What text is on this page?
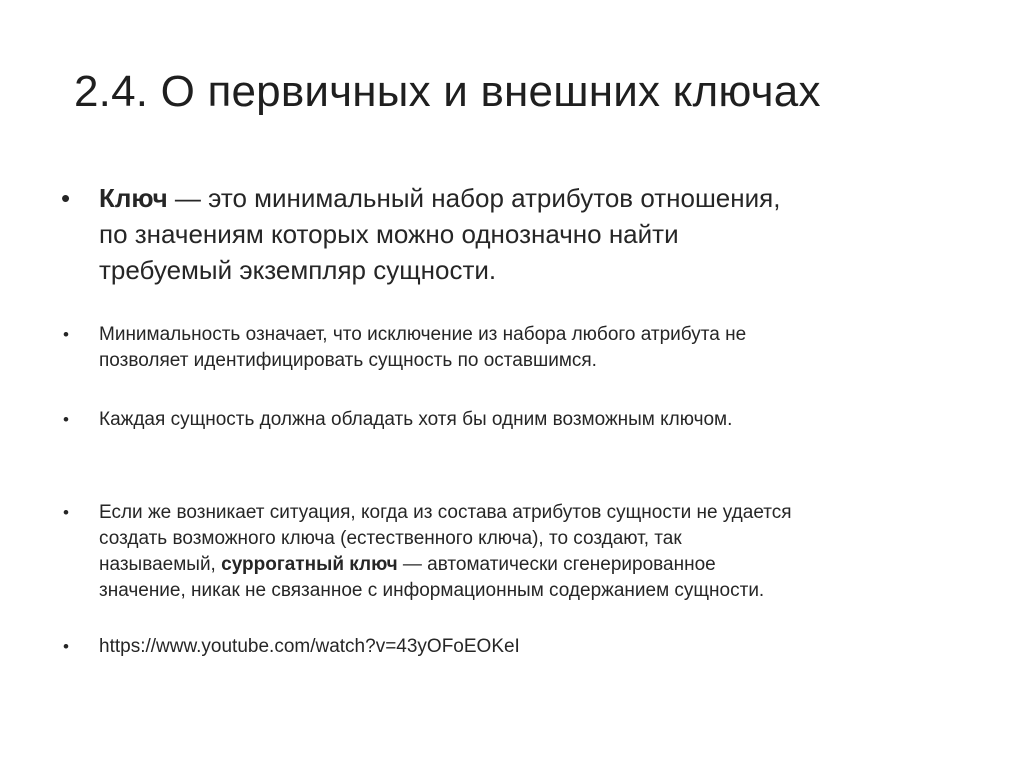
2.4. О первичных и внешних ключах
• Ключ — это минимальный набор атрибутов отношения,
по значениям которых можно однозначно найти
требуемый экземпляр сущности.
• Минимальность означает, что исключение из набора любого атрибута не
позволяет идентифицировать сущность по оставшимся.
• Каждая сущность должна обладать хотя бы одним возможным ключом.
• Если же возникает ситуация, когда из состава атрибутов сущности не удается
создать возможного ключа (естественного ключа), то создают, так
называемый, суррогатный ключ — автоматически сгенерированное
значение, никак не связанное с информационным содержанием сущности.
• https://www.youtube.com/watch?v=43yOFoEOKeI
